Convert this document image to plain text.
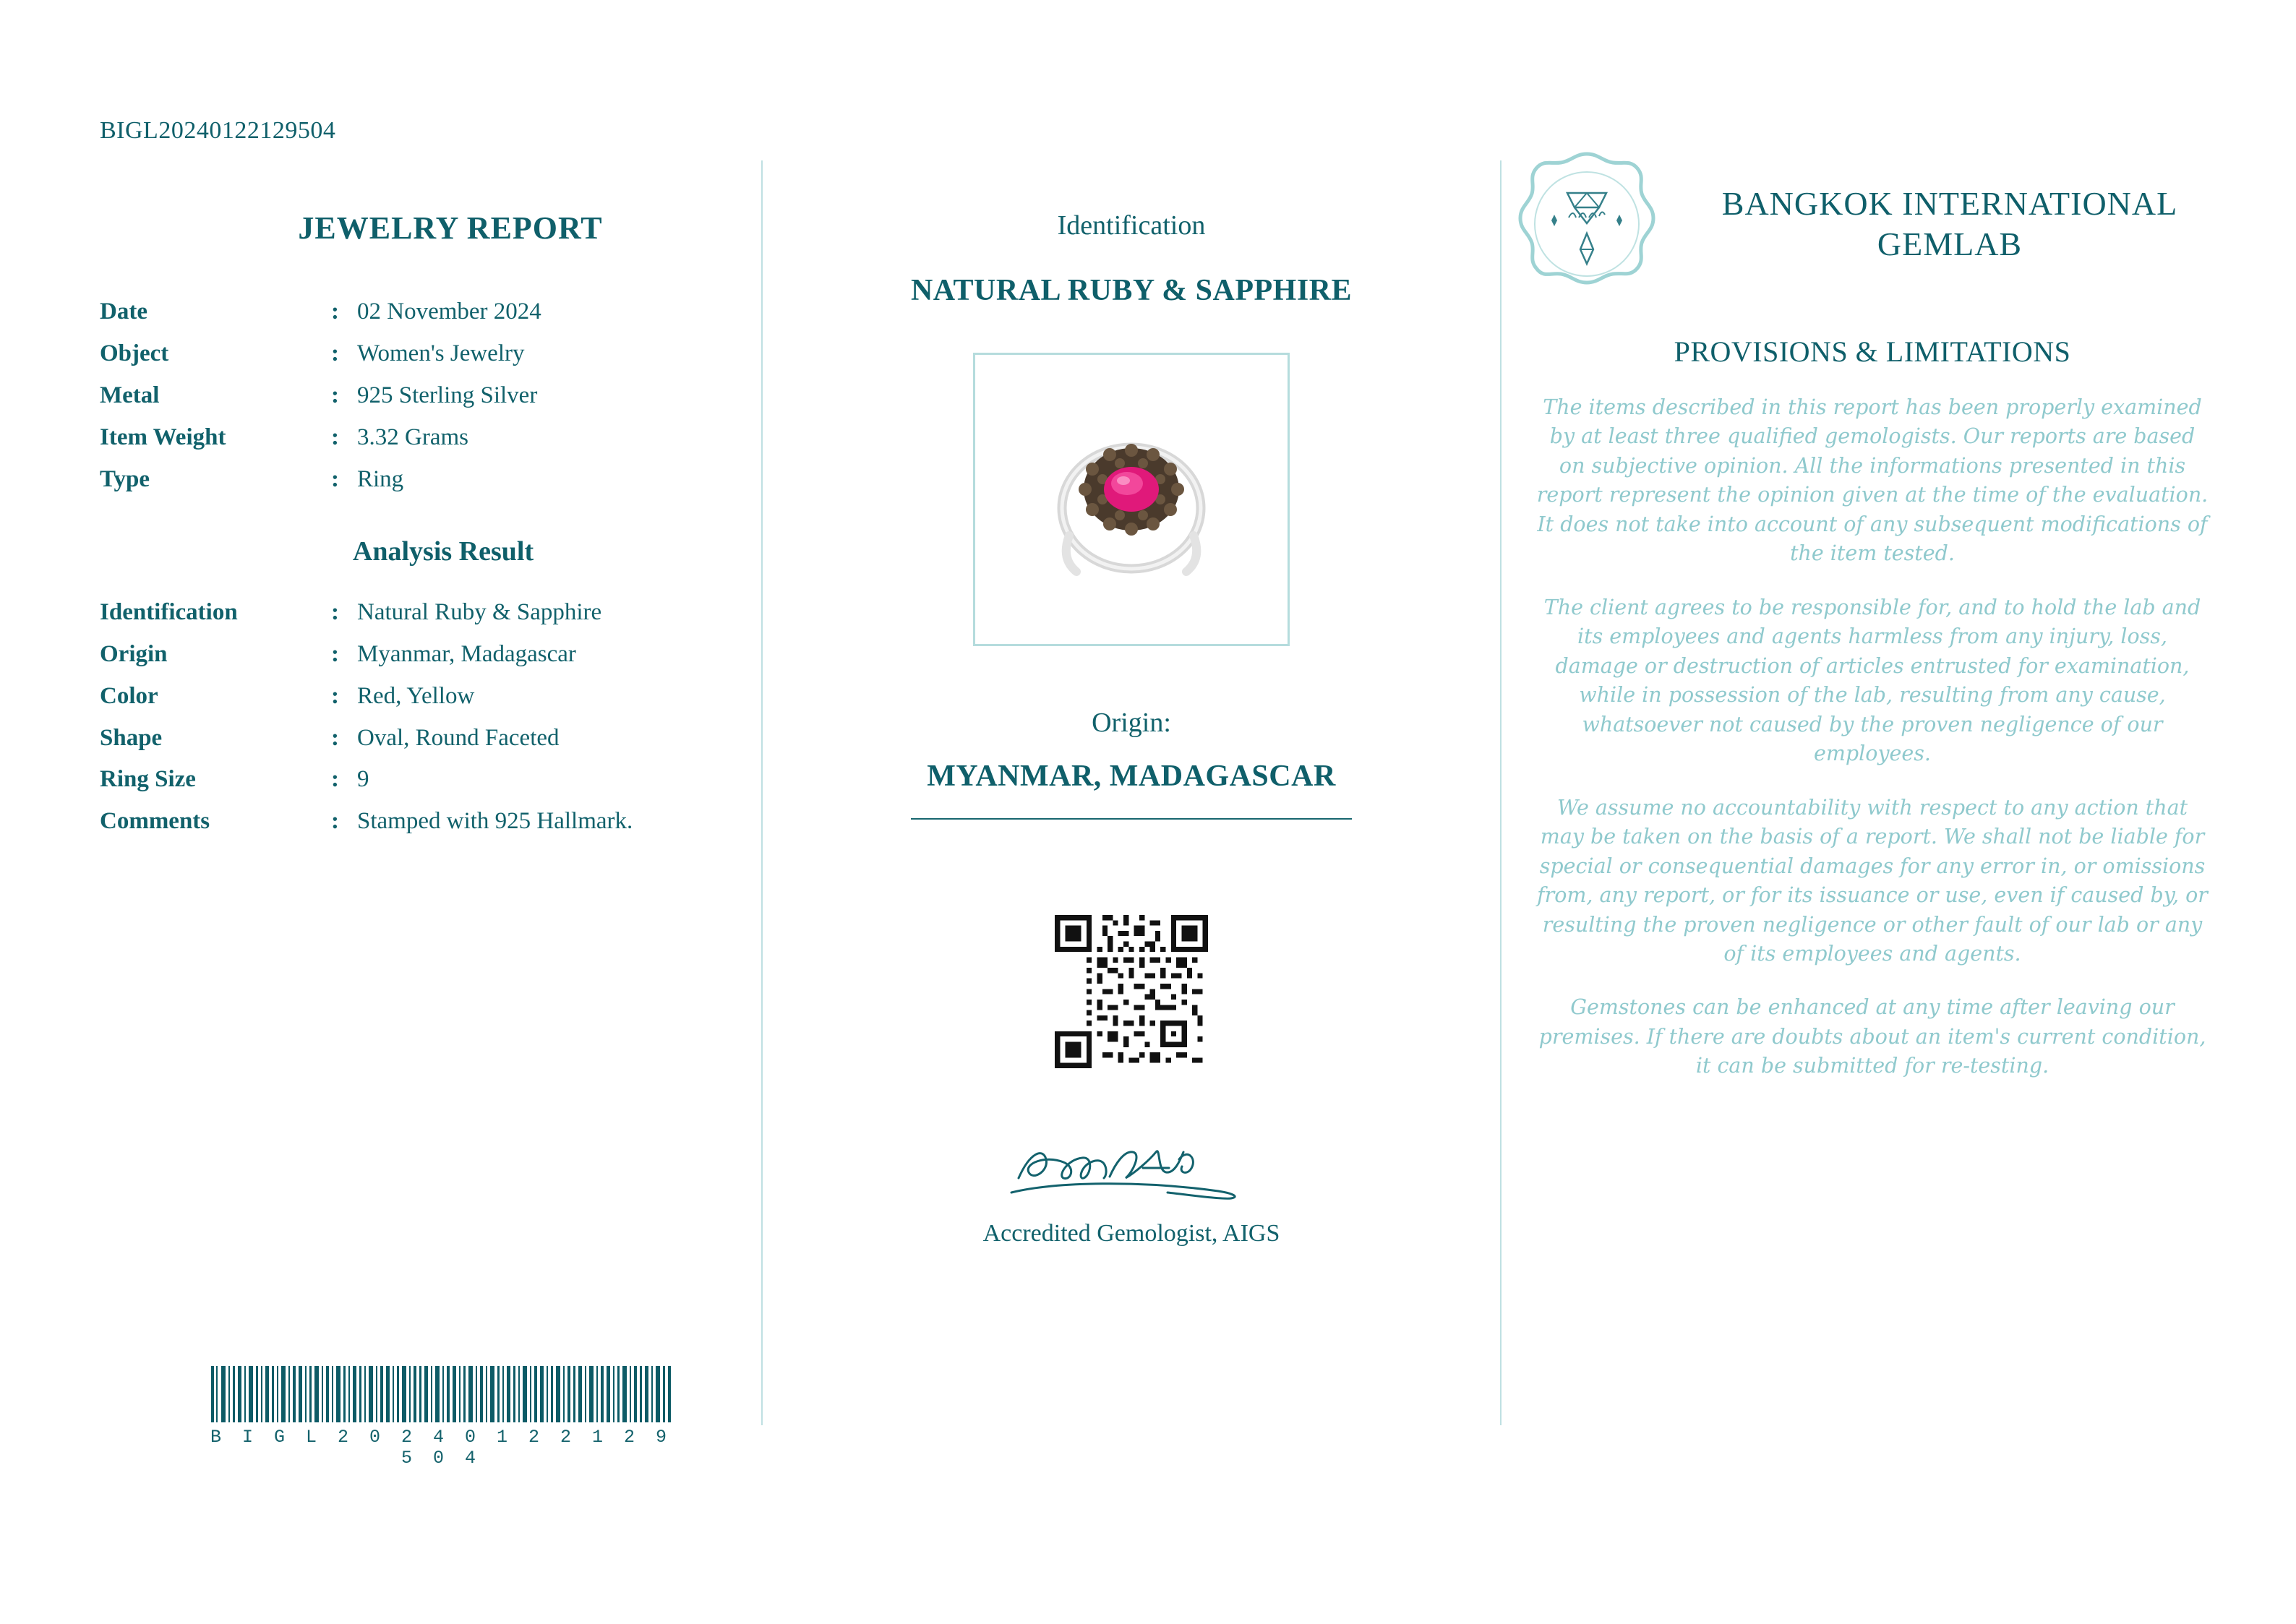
BIGL20240122129504
JEWELRY REPORT
Date	:	02 November 2024
Object	:	Women's Jewelry
Metal	:	925 Sterling Silver
Item Weight	:	3.32 Grams
Type	:	Ring
Analysis Result
Identification	:	Natural Ruby & Sapphire
Origin	:	Myanmar, Madagascar
Color	:	Red, Yellow
Shape	:	Oval, Round Faceted
Ring Size	:	9
Comments	:	Stamped with 925 Hallmark.
B I G L 2 0 2 4 0 1 2 2 1 2 9 5 0 4
Identification
NATURAL RUBY & SAPPHIRE
Origin:
MYANMAR, MADAGASCAR
Accredited Gemologist, AIGS
BANGKOK INTERNATIONAL GEMLAB
PROVISIONS & LIMITATIONS

The items described in this report has been properly examined by at least three qualified gemologists. Our reports are based on subjective opinion. All the informations presented in this report represent the opinion given at the time of the evaluation. It does not take into account of any subsequent modifications of the item tested.

The client agrees to be responsible for, and to hold the lab and its employees and agents harmless from any injury, loss, damage or destruction of articles entrusted for examination, while in possession of the lab, resulting from any cause, whatsoever not caused by the proven negligence of our employees.

We assume no accountability with respect to any action that may be taken on the basis of a report. We shall not be liable for special or consequential damages for any error in, or omissions from, any report, or for its issuance or use, even if caused by, or resulting the proven negligence or other fault of our lab or any of its employees and agents.

Gemstones can be enhanced at any time after leaving our premises. If there are doubts about an item's current condition, it can be submitted for re-testing.
